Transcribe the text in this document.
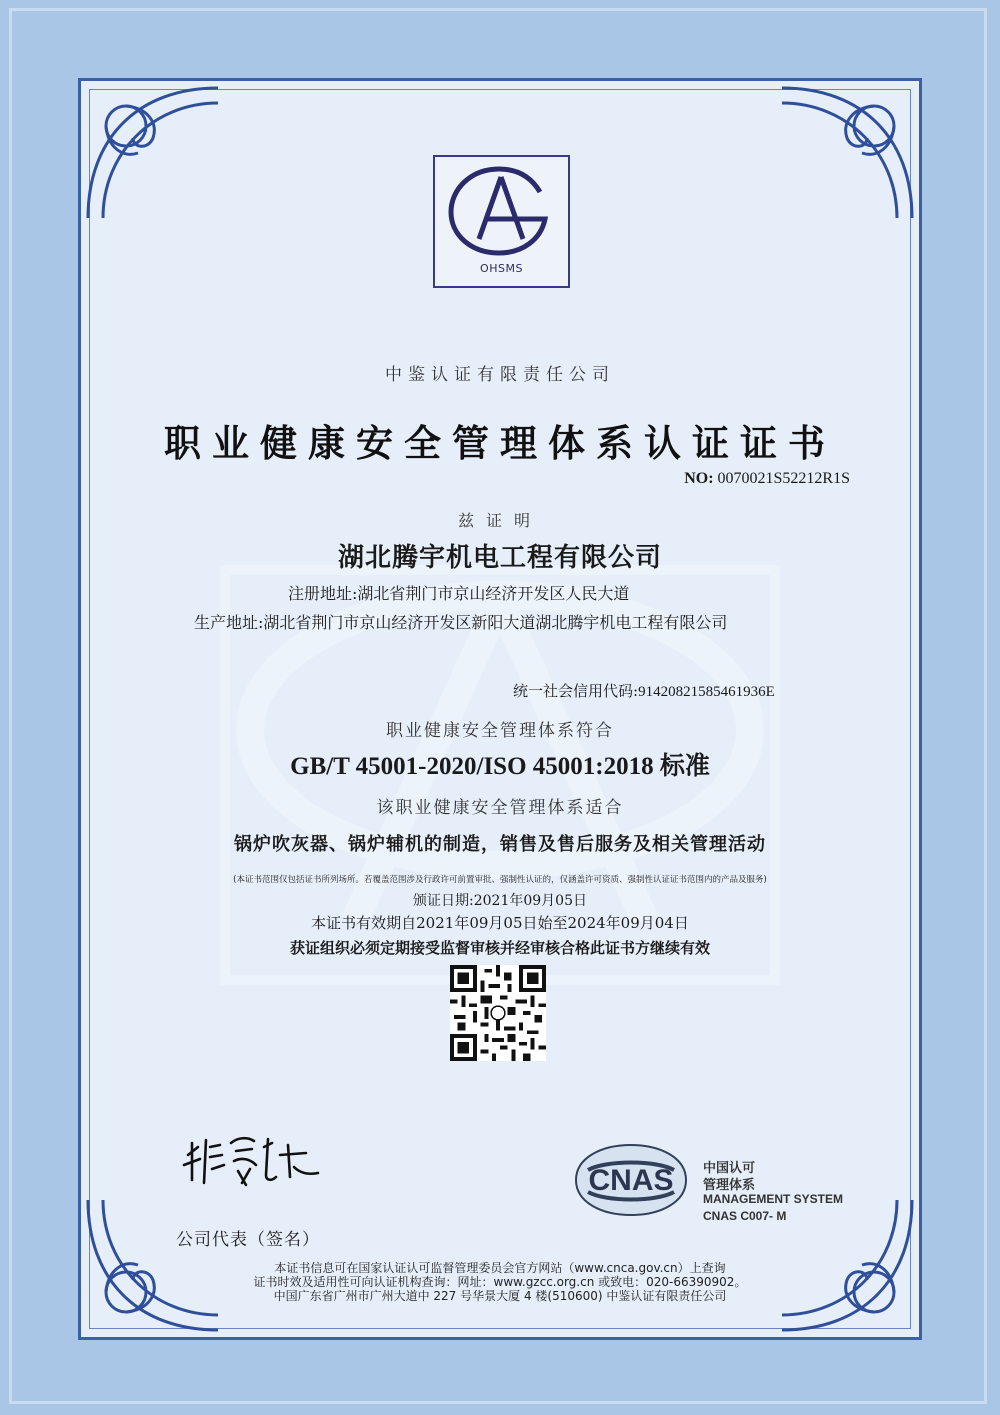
OHSMS
中鉴认证有限责任公司
职业健康安全管理体系认证证书
NO: 0070021S52212R1S
兹证明
湖北腾宇机电工程有限公司
注册地址:湖北省荆门市京山经济开发区人民大道
生产地址:湖北省荆门市京山经济开发区新阳大道湖北腾宇机电工程有限公司
统一社会信用代码:91420821585461936E
职业健康安全管理体系符合
GB/T 45001-2020/ISO 45001:2018 标准
该职业健康安全管理体系适合
锅炉吹灰器、锅炉辅机的制造，销售及售后服务及相关管理活动
(本证书范围仅包括证书所列场所。若覆盖范围涉及行政许可前置审批、强制性认证的，仅涵盖许可资质、强制性认证证书范围内的产品及服务)
颁证日期:2021年09月05日
本证书有效期自2021年09月05日始至2024年09月04日
获证组织必须定期接受监督审核并经审核合格此证书方继续有效
公司代表（签名）
CNAS 中国认可
管理体系
MANAGEMENT SYSTEM
CNAS C007- M
本证书信息可在国家认证认可监督管理委员会官方网站（www.cnca.gov.cn）上查询
证书时效及适用性可向认证机构查询：网址：www.gzcc.org.cn 或致电：020-66390902。
中国广东省广州市广州大道中 227 号华景大厦 4 楼(510600) 中鉴认证有限责任公司
